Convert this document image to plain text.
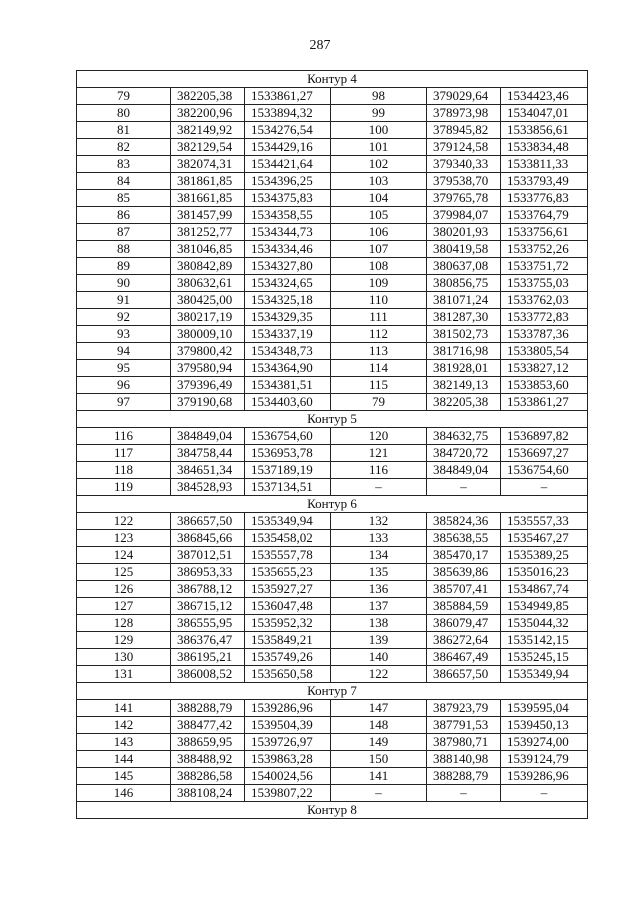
287
Контур 4					
79	382205,38	1533861,27	98	379029,64	1534423,46
80	382200,96	1533894,32	99	378973,98	1534047,01
81	382149,92	1534276,54	100	378945,82	1533856,61
82	382129,54	1534429,16	101	379124,58	1533834,48
83	382074,31	1534421,64	102	379340,33	1533811,33
84	381861,85	1534396,25	103	379538,70	1533793,49
85	381661,85	1534375,83	104	379765,78	1533776,83
86	381457,99	1534358,55	105	379984,07	1533764,79
87	381252,77	1534344,73	106	380201,93	1533756,61
88	381046,85	1534334,46	107	380419,58	1533752,26
89	380842,89	1534327,80	108	380637,08	1533751,72
90	380632,61	1534324,65	109	380856,75	1533755,03
91	380425,00	1534325,18	110	381071,24	1533762,03
92	380217,19	1534329,35	111	381287,30	1533772,83
93	380009,10	1534337,19	112	381502,73	1533787,36
94	379800,42	1534348,73	113	381716,98	1533805,54
95	379580,94	1534364,90	114	381928,01	1533827,12
96	379396,49	1534381,51	115	382149,13	1533853,60
97	379190,68	1534403,60	79	382205,38	1533861,27
Контур 5					
116	384849,04	1536754,60	120	384632,75	1536897,82
117	384758,44	1536953,78	121	384720,72	1536697,27
118	384651,34	1537189,19	116	384849,04	1536754,60
119	384528,93	1537134,51	–	–	–
Контур 6					
122	386657,50	1535349,94	132	385824,36	1535557,33
123	386845,66	1535458,02	133	385638,55	1535467,27
124	387012,51	1535557,78	134	385470,17	1535389,25
125	386953,33	1535655,23	135	385639,86	1535016,23
126	386788,12	1535927,27	136	385707,41	1534867,74
127	386715,12	1536047,48	137	385884,59	1534949,85
128	386555,95	1535952,32	138	386079,47	1535044,32
129	386376,47	1535849,21	139	386272,64	1535142,15
130	386195,21	1535749,26	140	386467,49	1535245,15
131	386008,52	1535650,58	122	386657,50	1535349,94
Контур 7					
141	388288,79	1539286,96	147	387923,79	1539595,04
142	388477,42	1539504,39	148	387791,53	1539450,13
143	388659,95	1539726,97	149	387980,71	1539274,00
144	388488,92	1539863,28	150	388140,98	1539124,79
145	388286,58	1540024,56	141	388288,79	1539286,96
146	388108,24	1539807,22	–	–	–
Контур 8					
